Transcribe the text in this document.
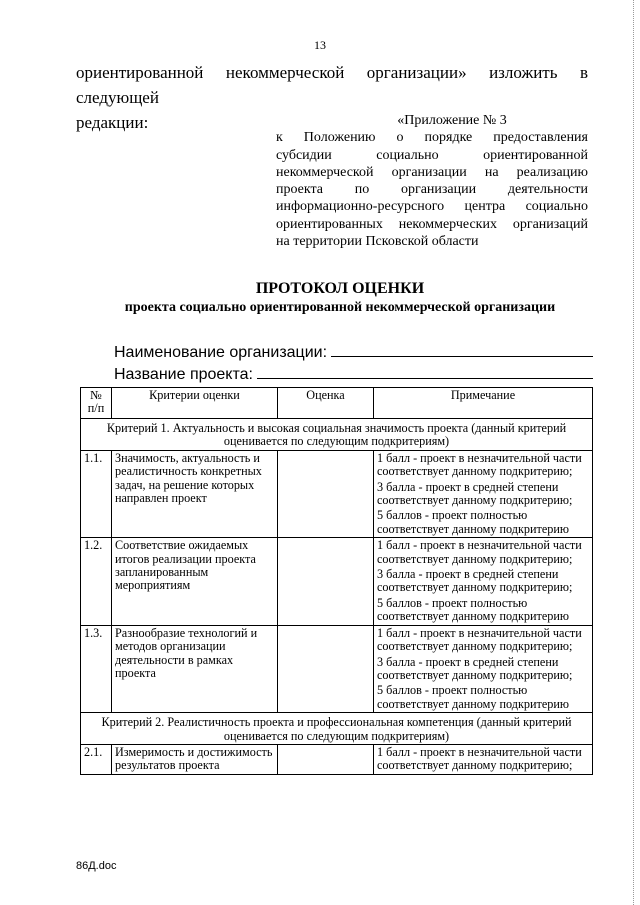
13
ориентированной некоммерческой организации» изложить в следующей
редакции:	«Приложение № 3
к Положению о порядке предоставления
субсидии социально ориентированной
некоммерческой организации на реализацию
проекта по организации деятельности
информационно-ресурсного центра социально
ориентированных некоммерческих организаций
на территории Псковской области
ПРОТОКОЛ ОЦЕНКИ
проекта социально ориентированной некоммерческой организации
Наименование организации:
Название проекта:
№ п/п	Критерии оценки	Оценка	Примечание
Критерий 1. Актуальность и высокая социальная значимость проекта (данный критерий оценивается по следующим подкритериям)			
1.1.	Значимость, актуальность и реалистичность конкретных задач, на решение которых направлен проект		1 балл - проект в незначительной части соответствует данному подкритерию;

3 балла - проект в средней степени соответствует данному подкритерию;

5 баллов - проект полностью соответствует данному подкритерию

1.2.	Соответствие ожидаемых итогов реализации проекта запланированным мероприятиям		1 балл - проект в незначительной части соответствует данному подкритерию;

3 балла - проект в средней степени соответствует данному подкритерию;

5 баллов - проект полностью соответствует данному подкритерию

1.3.	Разнообразие технологий и методов организации деятельности в рамках проекта		1 балл - проект в незначительной части соответствует данному подкритерию;

3 балла - проект в средней степени соответствует данному подкритерию;

5 баллов - проект полностью соответствует данному подкритерию

Критерий 2. Реалистичность проекта и профессиональная компетенция (данный критерий оценивается по следующим подкритериям)			
2.1.	Измеримость и достижимость результатов проекта		1 балл - проект в незначительной части соответствует данному подкритерию;

86Д.doc
